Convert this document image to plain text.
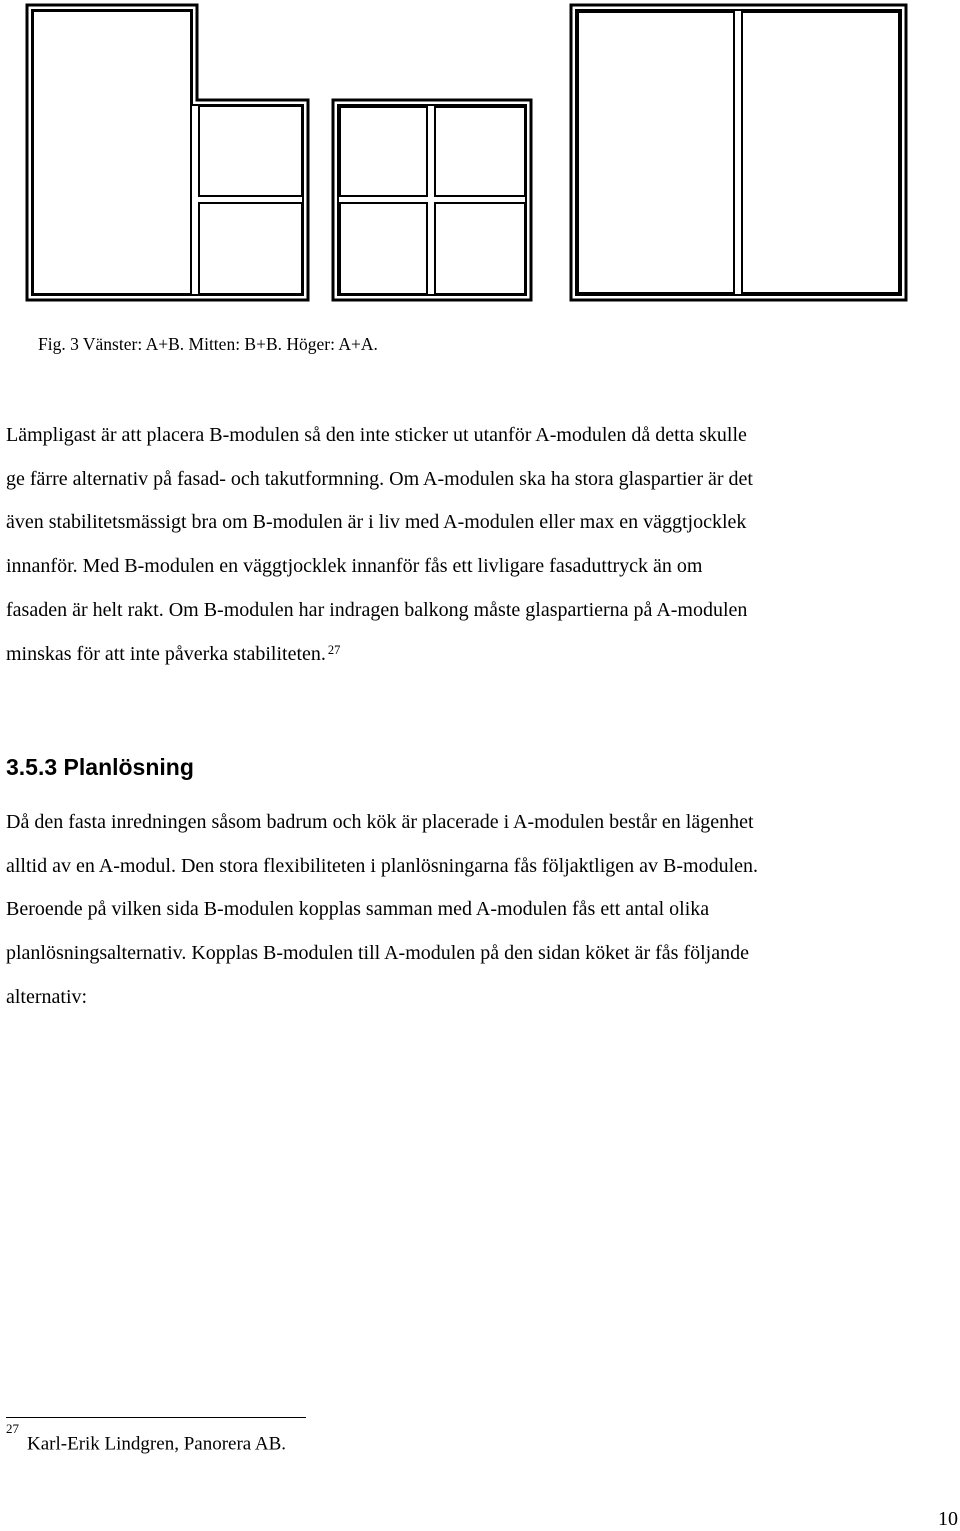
Fig. 3 Vänster: A+B. Mitten: B+B. Höger: A+A.

Lämpligast är att placera B-modulen så den inte sticker ut utanför A-modulen då detta skulle
ge färre alternativ på fasad- och takutformning. Om A-modulen ska ha stora glaspartier är det
även stabilitetsmässigt bra om B-modulen är i liv med A-modulen eller max en väggtjocklek
innanför. Med B-modulen en väggtjocklek innanför fås ett livligare fasaduttryck än om
fasaden är helt rakt. Om B-modulen har indragen balkong måste glaspartierna på A-modulen
minskas för att inte påverka stabiliteten. $^{27}$

3.5.3 Planlösning

Då den fasta inredningen såsom badrum och kök är placerade i A-modulen består en lägenhet
alltid av en A-modul. Den stora flexibiliteten i planlösningarna fås följaktligen av B-modulen.
Beroende på vilken sida B-modulen kopplas samman med A-modulen fås ett antal olika
planlösningsalternativ. Kopplas B-modulen till A-modulen på den sidan köket är fås följande
alternativ:

$^{27}$Karl-Erik Lindgren, Panorera AB.
10
